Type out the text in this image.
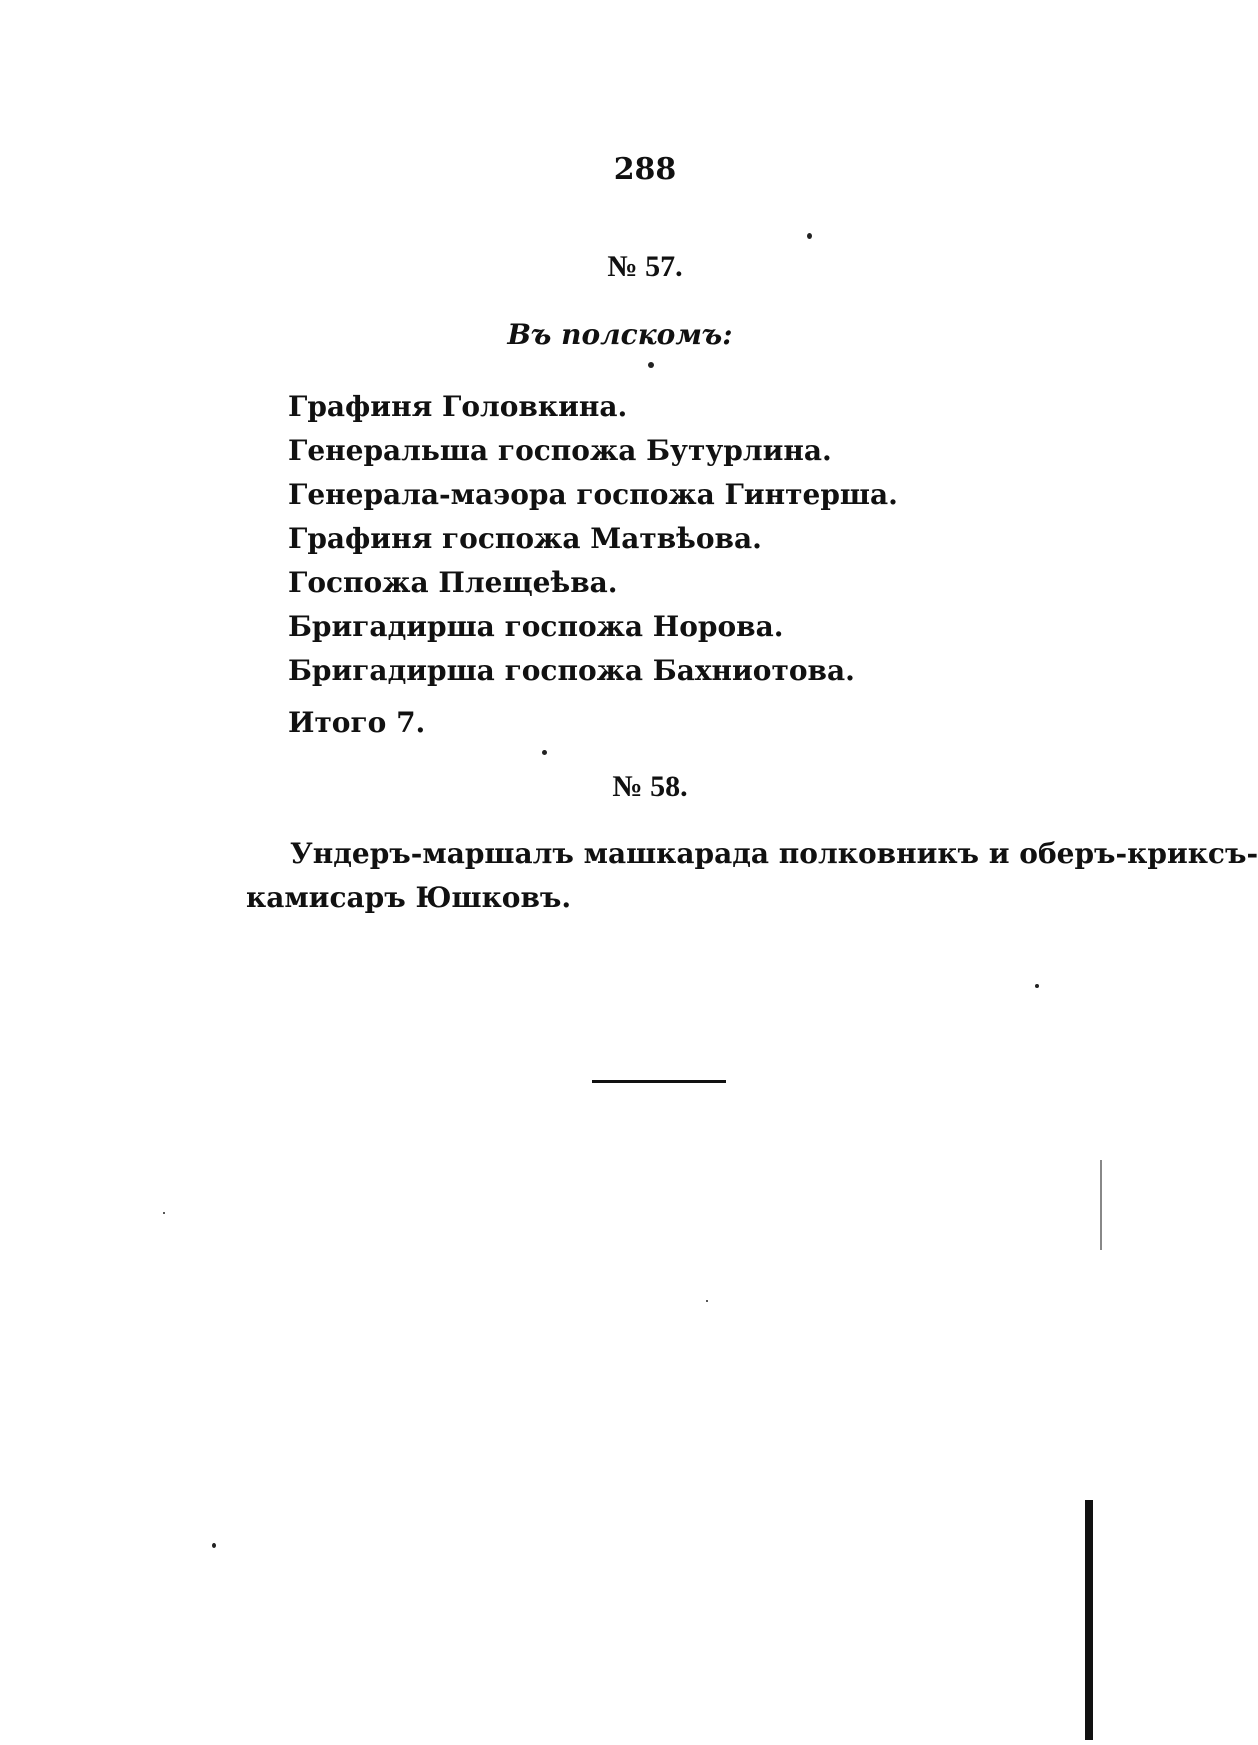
288
№ 57.
Въ полскомъ:
Графиня Головкина.
Генеральша госпожа Бутурлина.
Генерала-маэора госпожа Гинтерша.
Графиня госпожа Матвѣова.
Госпожа Плещеѣва.
Бригадирша госпожа Норова.
Бригадирша госпожа Бахниотова.
Итого 7.
№ 58.
Ундеръ-маршалъ машкарада полковникъ и оберъ-криксъ-
камисаръ Юшковъ.
